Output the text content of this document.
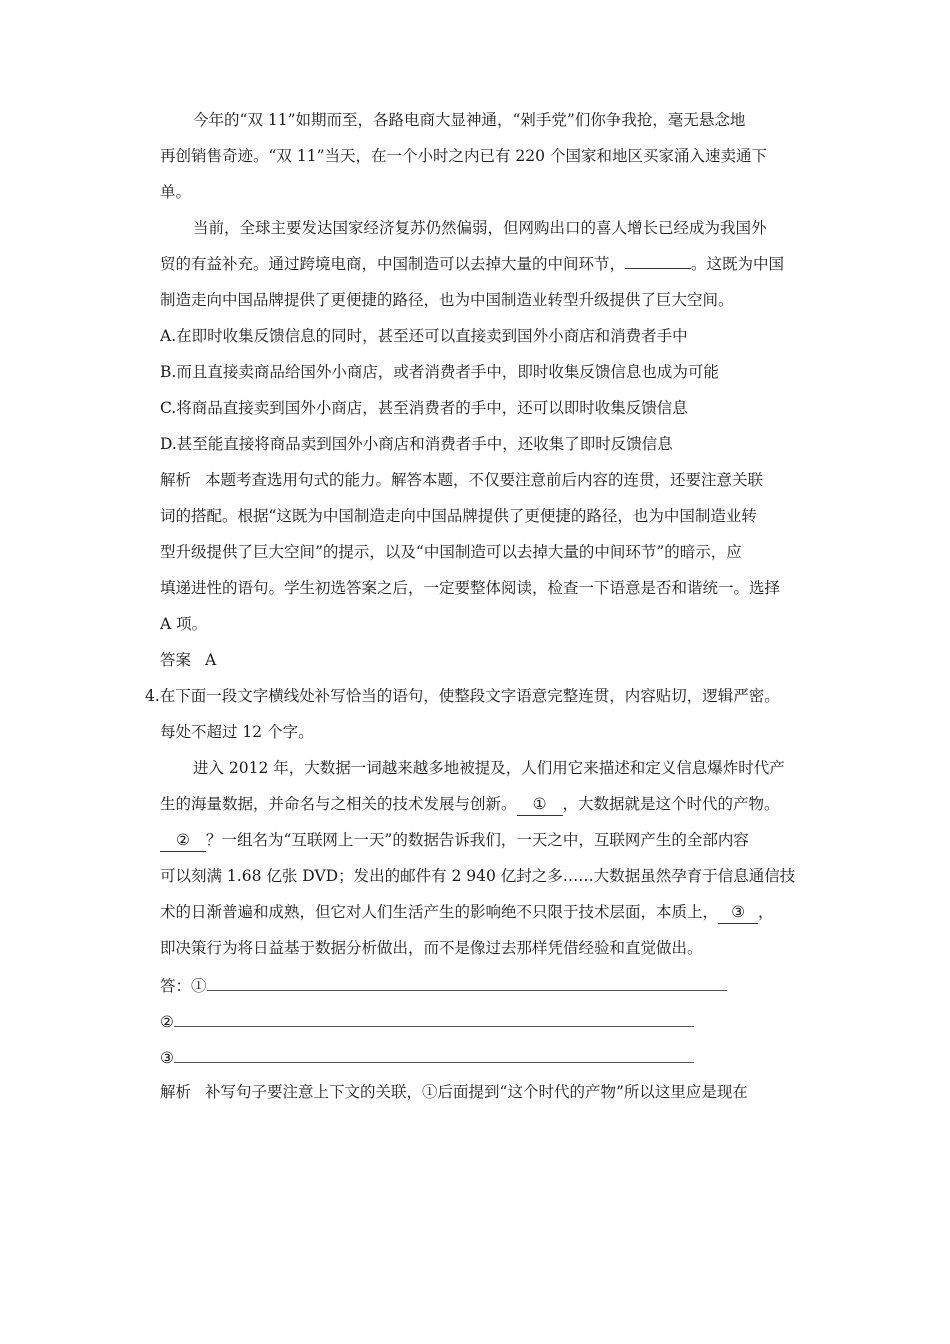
今年的“双 11”如期而至，各路电商大显神通，“剁手党”们你争我抢，毫无悬念地
再创销售奇迹。“双 11”当天，在一个小时之内已有 220 个国家和地区买家涌入速卖通下
单。
当前，全球主要发达国家经济复苏仍然偏弱，但网购出口的喜人增长已经成为我国外
贸的有益补充。通过跨境电商，中国制造可以去掉大量的中间环节，	。这既为中国
制造走向中国品牌提供了更便捷的路径，也为中国制造业转型升级提供了巨大空间。
A.在即时收集反馈信息的同时，甚至还可以直接卖到国外小商店和消费者手中
B.而且直接卖商品给国外小商店，或者消费者手中，即时收集反馈信息也成为可能
C.将商品直接卖到国外小商店，甚至消费者的手中，还可以即时收集反馈信息
D.甚至能直接将商品卖到国外小商店和消费者手中，还收集了即时反馈信息
解析 本题考查选用句式的能力。解答本题，不仅要注意前后内容的连贯，还要注意关联
词的搭配。根据“这既为中国制造走向中国品牌提供了更便捷的路径，也为中国制造业转
型升级提供了巨大空间”的提示，以及“中国制造可以去掉大量的中间环节”的暗示，应
填递进性的语句。学生初选答案之后，一定要整体阅读，检查一下语意是否和谐统一。选择
A 项。
答案 A
4.在下面一段文字横线处补写恰当的语句，使整段文字语意完整连贯，内容贴切，逻辑严密。
每处不超过 12 个字。
进入 2012 年，大数据一词越来越多地被提及，人们用它来描述和定义信息爆炸时代产
生的海量数据，并命名与之相关的技术发展与创新。 ① ，大数据就是这个时代的产物。
② ？一组名为“互联网上一天”的数据告诉我们，一天之中，互联网产生的全部内容
可以刻满 1.68 亿张 DVD；发出的邮件有 2 940 亿封之多……大数据虽然孕育于信息通信技
术的日渐普遍和成熟，但它对人们生活产生的影响绝不只限于技术层面，本质上， ③ ，
即决策行为将日益基于数据分析做出，而不是像过去那样凭借经验和直觉做出。
答：①
②
③
解析 补写句子要注意上下文的关联，①后面提到“这个时代的产物”所以这里应是现在
